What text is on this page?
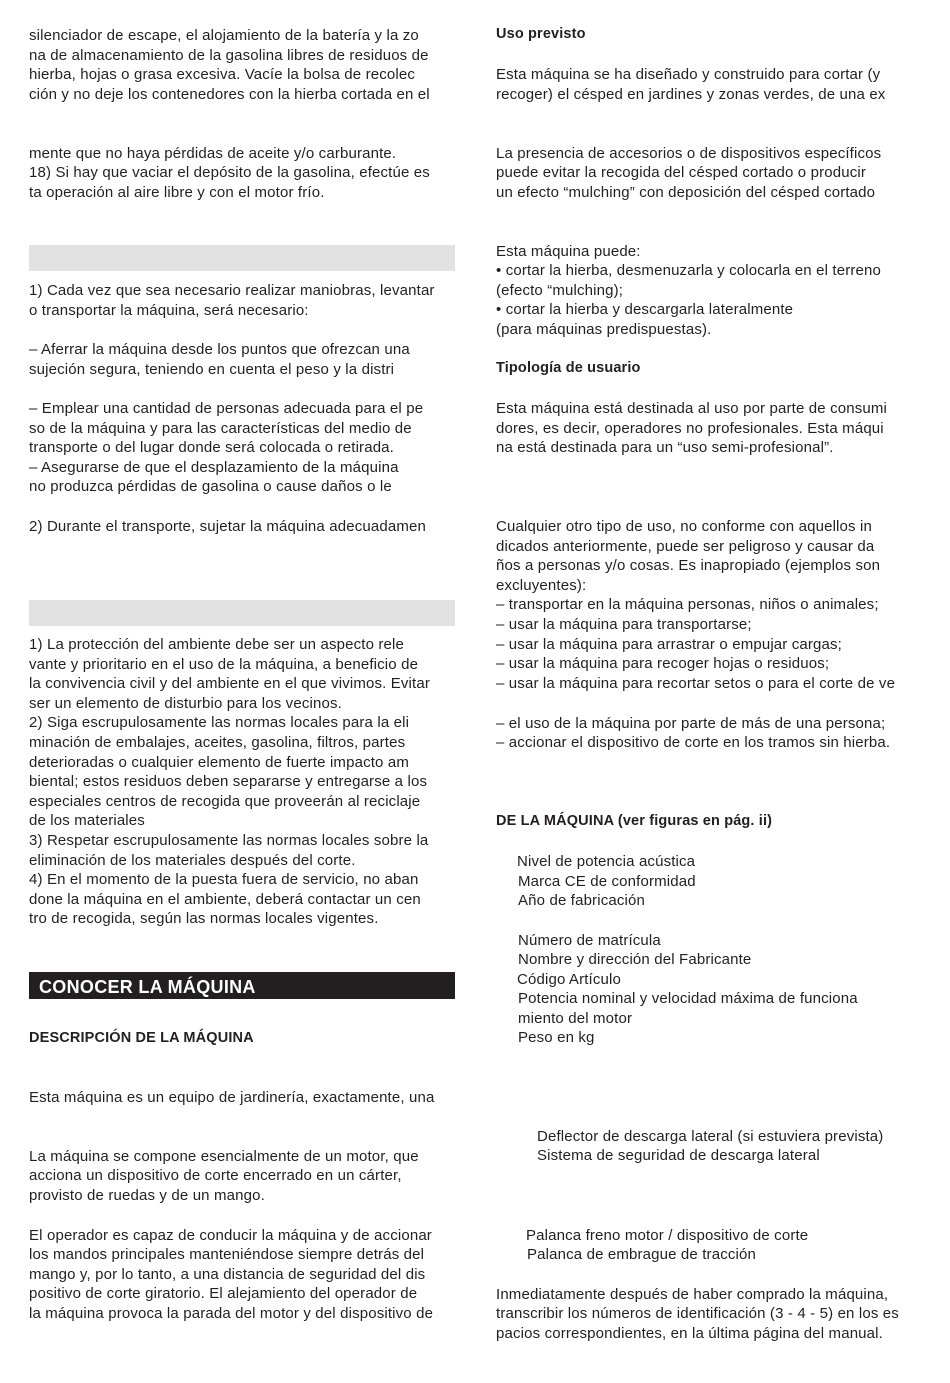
silenciador de escape, el alojamiento de la batería y la zo
na de almacenamiento de la gasolina libres de residuos de
hierba, hojas o grasa excesiva. Vacíe la bolsa de recolec
ción y no deje los contenedores con la hierba cortada en el
mente que no haya pérdidas de aceite y/o carburante.
18) Si hay que vaciar el depósito de la gasolina, efectúe es
ta operación al aire libre y con el motor frío.
1) Cada vez que sea necesario realizar maniobras, levantar
o transportar la máquina, será necesario:
– Aferrar la máquina desde los puntos que ofrezcan una
sujeción segura, teniendo en cuenta el peso y la distri
– Emplear una cantidad de personas adecuada para el pe
so de la máquina y para las características del medio de
transporte o del lugar donde será colocada o retirada.
– Asegurarse de que el desplazamiento de la máquina
no produzca pérdidas de gasolina o cause daños o le
2) Durante el transporte, sujetar la máquina adecuadamen
1) La protección del ambiente debe ser un aspecto rele
vante y prioritario en el uso de la máquina, a beneficio de
la convivencia civil y del ambiente en el que vivimos. Evitar
ser un elemento de disturbio para los vecinos.
2) Siga escrupulosamente las normas locales para la eli
minación de embalajes, aceites, gasolina, filtros, partes
deterioradas o cualquier elemento de fuerte impacto am
biental; estos residuos deben separarse y entregarse a los
especiales centros de recogida que proveerán al reciclaje
de los materiales
3) Respetar escrupulosamente las normas locales sobre la
eliminación de los materiales después del corte.
4) En el momento de la puesta fuera de servicio, no aban
done la máquina en el ambiente, deberá contactar un cen
tro de recogida, según las normas locales vigentes.
CONOCER LA MÁQUINA
DESCRIPCIÓN DE LA MÁQUINA
Esta máquina es un equipo de jardinería, exactamente, una
La máquina se compone esencialmente de un motor, que
acciona un dispositivo de corte encerrado en un cárter,
provisto de ruedas y de un mango.
El operador es capaz de conducir la máquina y de accionar
los mandos principales manteniéndose siempre detrás del
mango y, por lo tanto, a una distancia de seguridad del dis
positivo de corte giratorio. El alejamiento del operador de
la máquina provoca la parada del motor y del dispositivo de
Uso previsto
Esta máquina se ha diseñado y construido para cortar (y
recoger) el césped en jardines y zonas verdes, de una ex
La presencia de accesorios o de dispositivos específicos
puede evitar la recogida del césped cortado o producir
un efecto “mulching” con deposición del césped cortado
Esta máquina puede:
• cortar la hierba, desmenuzarla y colocarla en el terreno
(efecto “mulching);
• cortar la hierba y descargarla lateralmente
(para máquinas predispuestas).
Tipología de usuario
Esta máquina está destinada al uso por parte de consumi
dores, es decir, operadores no profesionales. Esta máqui
na está destinada para un “uso semi-profesional”.
Cualquier otro tipo de uso, no conforme con aquellos in
dicados anteriormente, puede ser peligroso y causar da
ños a personas y/o cosas. Es inapropiado (ejemplos son
excluyentes):
– transportar en la máquina personas, niños o animales;
– usar la máquina para transportarse;
– usar la máquina para arrastrar o empujar cargas;
– usar la máquina para recoger hojas o residuos;
– usar la máquina para recortar setos o para el corte de ve
– el uso de la máquina por parte de más de una persona;
– accionar el dispositivo de corte en los tramos sin hierba.
DE LA MÁQUINA (ver figuras en pág. ii)
Nivel de potencia acústica
Marca CE de conformidad
Año de fabricación
Número de matrícula
Nombre y dirección del Fabricante
Código Artículo
Potencia nominal y velocidad máxima de funciona
miento del motor
Peso en kg
Deflector de descarga lateral (si estuviera prevista)
Sistema de seguridad de descarga lateral
Palanca freno motor / dispositivo de corte
Palanca de embrague de tracción
Inmediatamente después de haber comprado la máquina,
transcribir los números de identificación (3 - 4 - 5) en los es
pacios correspondientes, en la última página del manual.
